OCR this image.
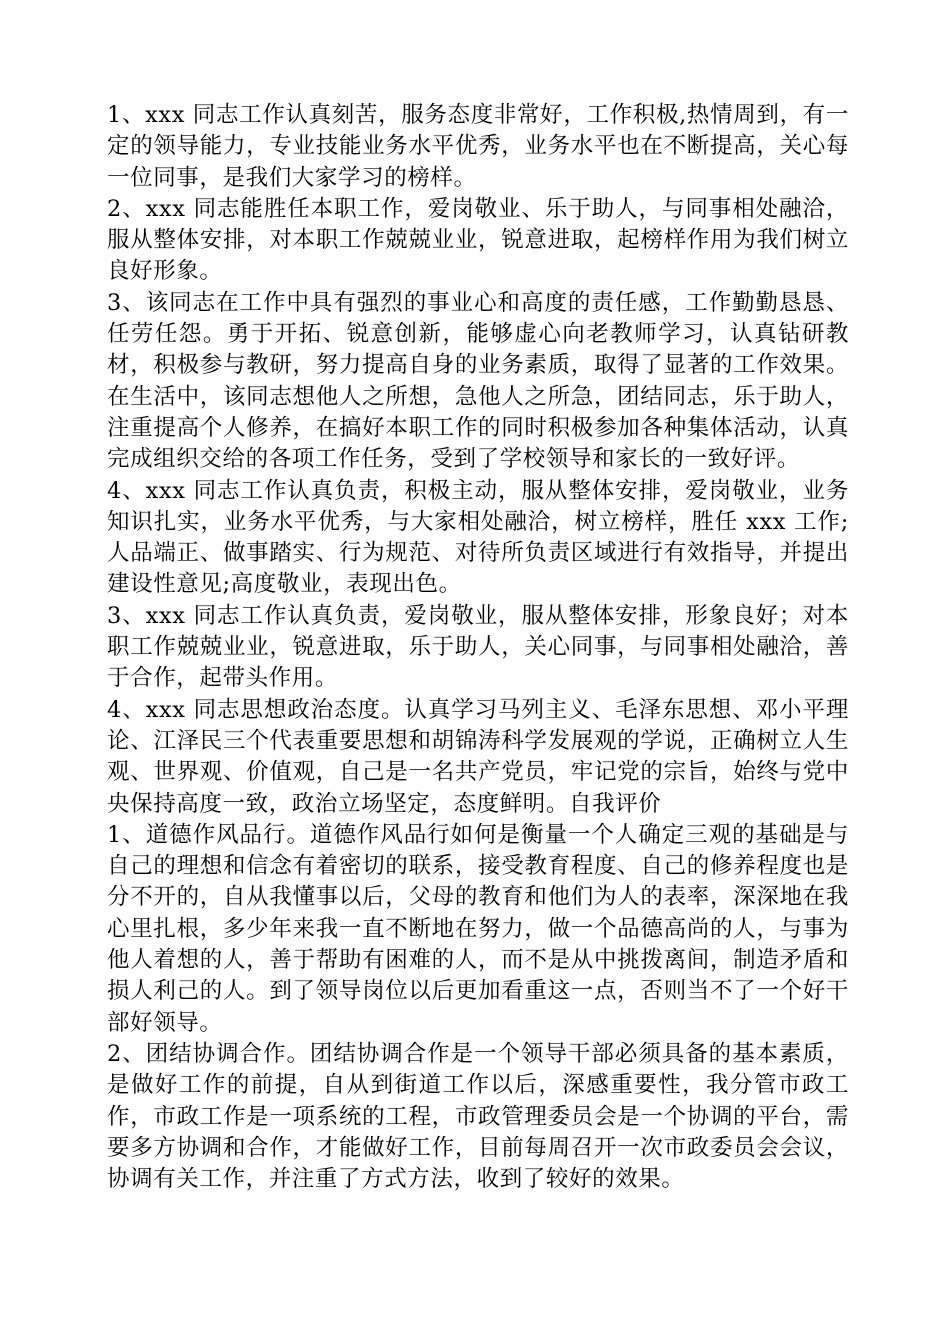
1、xxx 同志工作认真刻苦，服务态度非常好，工作积极,热情周到，有一定的领导能力，专业技能业务水平优秀，业务水平也在不断提高，关心每一位同事，是我们大家学习的榜样。

2、xxx 同志能胜任本职工作，爱岗敬业、乐于助人，与同事相处融洽，服从整体安排，对本职工作兢兢业业，锐意进取，起榜样作用为我们树立良好形象。

3、该同志在工作中具有强烈的事业心和高度的责任感，工作勤勤恳恳、任劳任怨。勇于开拓、锐意创新，能够虚心向老教师学习，认真钻研教材，积极参与教研，努力提高自身的业务素质，取得了显著的工作效果。在生活中，该同志想他人之所想，急他人之所急，团结同志，乐于助人，注重提高个人修养，在搞好本职工作的同时积极参加各种集体活动，认真完成组织交给的各项工作任务，受到了学校领导和家长的一致好评。

4、xxx 同志工作认真负责，积极主动，服从整体安排，爱岗敬业，业务知识扎实，业务水平优秀，与大家相处融洽，树立榜样，胜任 xxx 工作;人品端正、做事踏实、行为规范、对待所负责区域进行有效指导，并提出建设性意见;高度敬业，表现出色。

3、xxx 同志工作认真负责，爱岗敬业，服从整体安排，形象良好；对本职工作兢兢业业，锐意进取，乐于助人，关心同事，与同事相处融洽，善于合作，起带头作用。

4、xxx 同志思想政治态度。认真学习马列主义、毛泽东思想、邓小平理论、江泽民三个代表重要思想和胡锦涛科学发展观的学说，正确树立人生观、世界观、价值观，自己是一名共产党员，牢记党的宗旨，始终与党中央保持高度一致，政治立场坚定，态度鲜明。自我评价

1、道德作风品行。道德作风品行如何是衡量一个人确定三观的基础是与自己的理想和信念有着密切的联系，接受教育程度、自己的修养程度也是分不开的，自从我懂事以后，父母的教育和他们为人的表率，深深地在我心里扎根，多少年来我一直不断地在努力，做一个品德高尚的人，与事为他人着想的人，善于帮助有困难的人，而不是从中挑拨离间，制造矛盾和损人利己的人。到了领导岗位以后更加看重这一点，否则当不了一个好干部好领导。

2、团结协调合作。团结协调合作是一个领导干部必须具备的基本素质，是做好工作的前提，自从到街道工作以后，深感重要性，我分管市政工作，市政工作是一项系统的工程，市政管理委员会是一个协调的平台，需要多方协调和合作，才能做好工作，目前每周召开一次市政委员会会议，协调有关工作，并注重了方式方法，收到了较好的效果。
